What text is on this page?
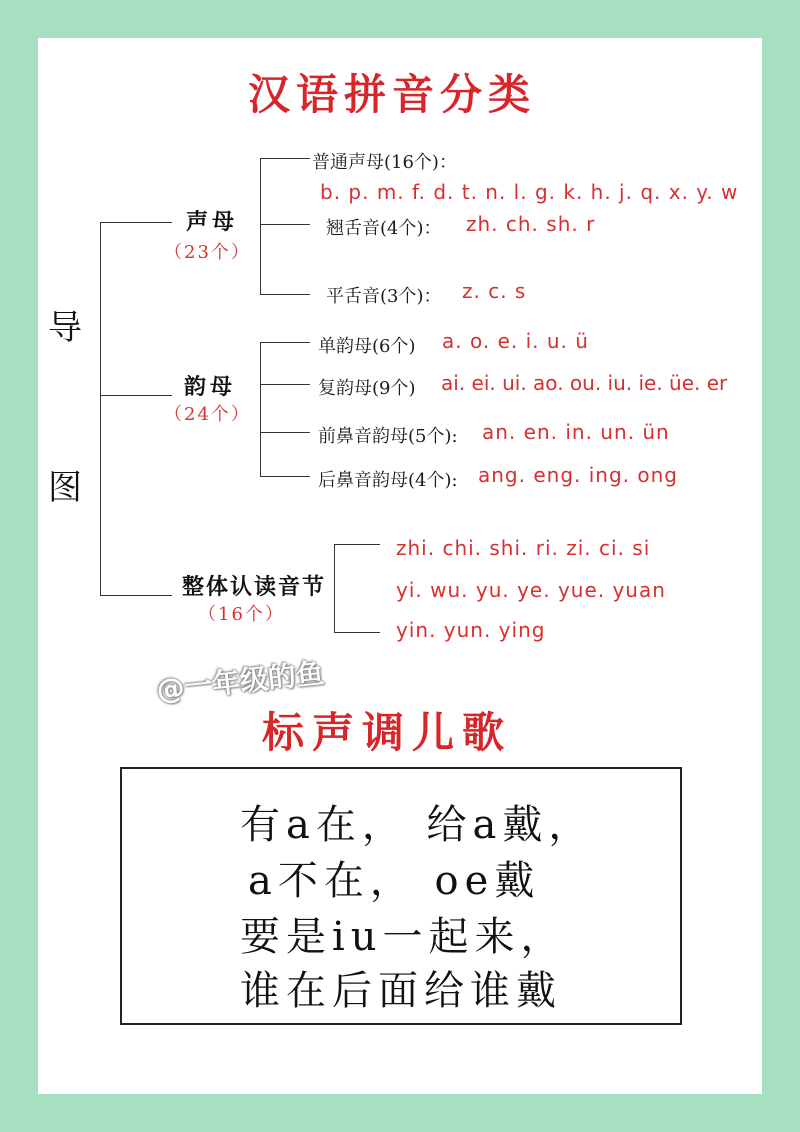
汉语拼音分类
导
图
声母
（23个）
普通声母(16个)：
b. p. m. f. d. t. n. l. g. k. h. j. q. x. y. w
翘舌音(4个)： zh. ch. sh. r
平舌音(3个)： z. c. s
韵母
（24个）
单韵母(6个) a. o. e. i. u. ü
复韵母(9个) ai. ei. ui. ao. ou. iu. ie. üe. er
前鼻音韵母(5个): an. en. in. un. ün
后鼻音韵母(4个): ang. eng. ing. ong
整体认读音节
（16个）
zhi. chi. shi. ri. zi. ci. si
yi. wu. yu. ye. yue. yuan
yin. yun. ying
@一年级的鱼
标声调儿歌
有a在， 给a戴，
a不在， oe戴
要是iu一起来，
谁在后面给谁戴
